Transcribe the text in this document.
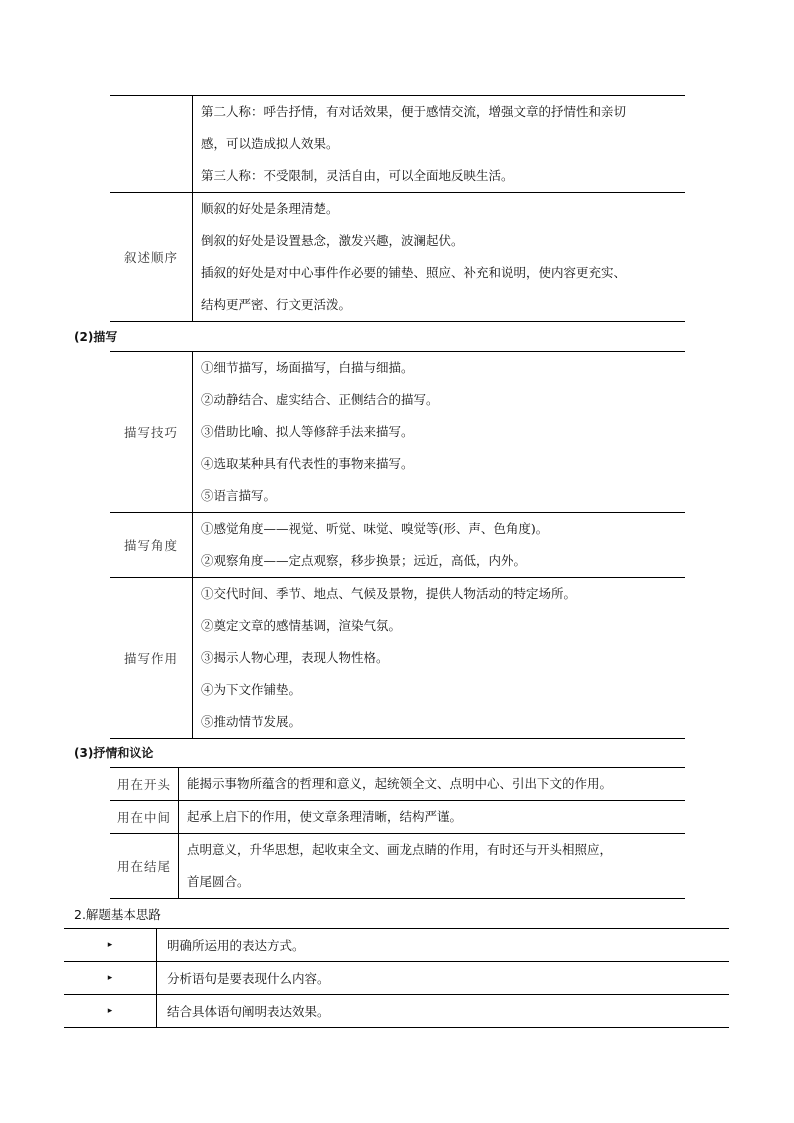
	第二人称：呼告抒情，有对话效果，便于感情交流，增强文章的抒情性和亲切
感，可以造成拟人效果。
第三人称：不受限制，灵活自由，可以全面地反映生活。

叙述顺序	顺叙的好处是条理清楚。
倒叙的好处是设置悬念，激发兴趣，波澜起伏。
插叙的好处是对中心事件作必要的铺垫、照应、补充和说明，使内容更充实、
结构更严密、行文更活泼。
(2)描写
描写技巧	①细节描写，场面描写，白描与细描。
②动静结合、虚实结合、正侧结合的描写。
③借助比喻、拟人等修辞手法来描写。
④选取某种具有代表性的事物来描写。
⑤语言描写。

描写角度	①感觉角度——视觉、听觉、味觉、嗅觉等(形、声、色角度)。
②观察角度——定点观察，移步换景；远近，高低，内外。

描写作用	①交代时间、季节、地点、气候及景物，提供人物活动的特定场所。
②奠定文章的感情基调，渲染气氛。
③揭示人物心理，表现人物性格。
④为下文作铺垫。
⑤推动情节发展。
(3)抒情和议论
用在开头	能揭示事物所蕴含的哲理和意义，起统领全文、点明中心、引出下文的作用。

用在中间	起承上启下的作用，使文章条理清晰，结构严谨。

用在结尾	点明意义，升华思想，起收束全文、画龙点睛的作用，有时还与开头相照应，
首尾圆合。
2.解题基本思路
▸	明确所运用的表达方式。
▸	分析语句是要表现什么内容。
▸	结合具体语句阐明表达效果。
